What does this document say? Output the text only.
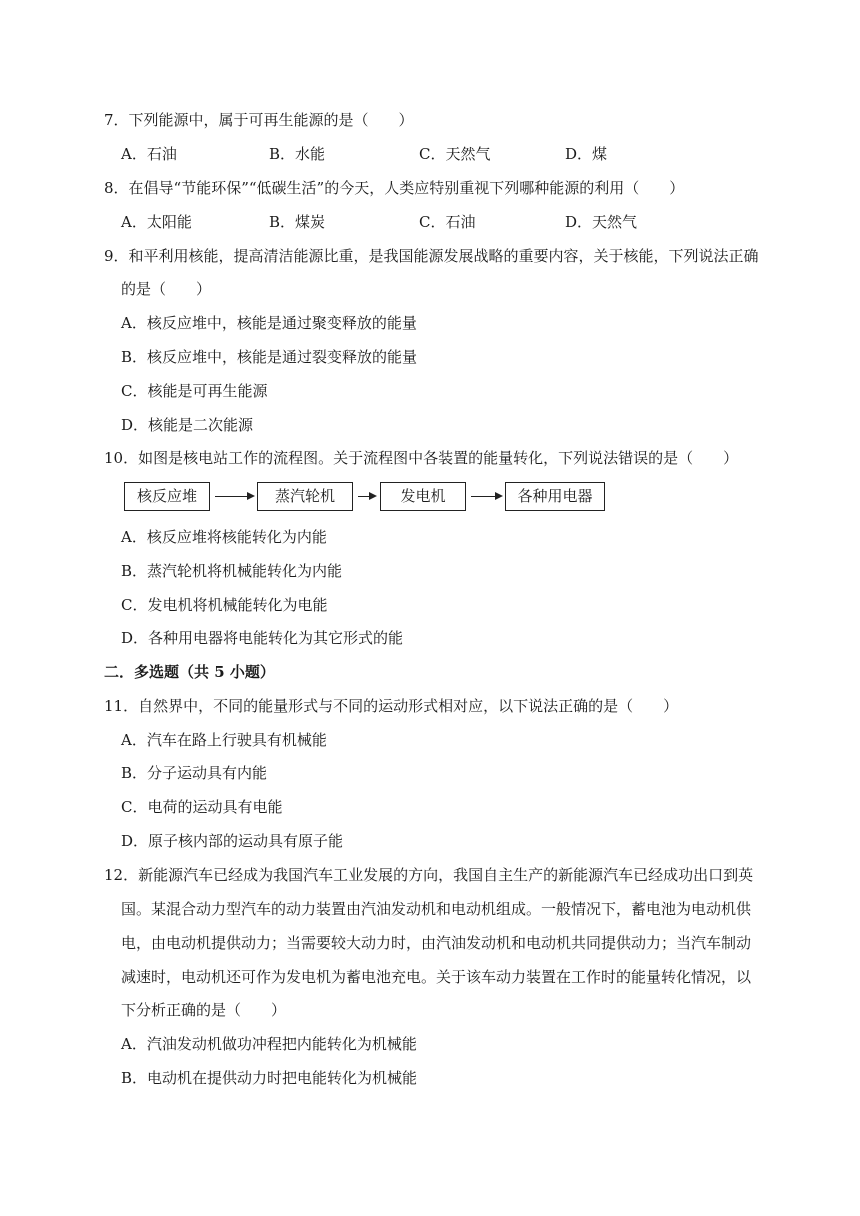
7．下列能源中，属于可再生能源的是（　　）
A．石油	B．水能	C．天然气	D．煤
8．在倡导“节能环保”“低碳生活”的今天，人类应特别重视下列哪种能源的利用（　　）
A．太阳能	B．煤炭	C．石油	D．天然气
9．和平利用核能，提高清洁能源比重，是我国能源发展战略的重要内容，关于核能，下列说法正确
的是（　　）
A．核反应堆中，核能是通过聚变释放的能量
B．核反应堆中，核能是通过裂变释放的能量
C．核能是可再生能源
D．核能是二次能源
10．如图是核电站工作的流程图。关于流程图中各装置的能量转化，下列说法错误的是（　　）
核反应堆	蒸汽轮机	发电机	各种用电器
A．核反应堆将核能转化为内能
B．蒸汽轮机将机械能转化为内能
C．发电机将机械能转化为电能
D．各种用电器将电能转化为其它形式的能
二．多选题（共 5 小题）
11．自然界中，不同的能量形式与不同的运动形式相对应，以下说法正确的是（　　）
A．汽车在路上行驶具有机械能
B．分子运动具有内能
C．电荷的运动具有电能
D．原子核内部的运动具有原子能
12．新能源汽车已经成为我国汽车工业发展的方向，我国自主生产的新能源汽车已经成功出口到英
国。某混合动力型汽车的动力装置由汽油发动机和电动机组成。一般情况下，蓄电池为电动机供
电，由电动机提供动力；当需要较大动力时，由汽油发动机和电动机共同提供动力；当汽车制动
减速时，电动机还可作为发电机为蓄电池充电。关于该车动力装置在工作时的能量转化情况，以
下分析正确的是（　　）
A．汽油发动机做功冲程把内能转化为机械能
B．电动机在提供动力时把电能转化为机械能
